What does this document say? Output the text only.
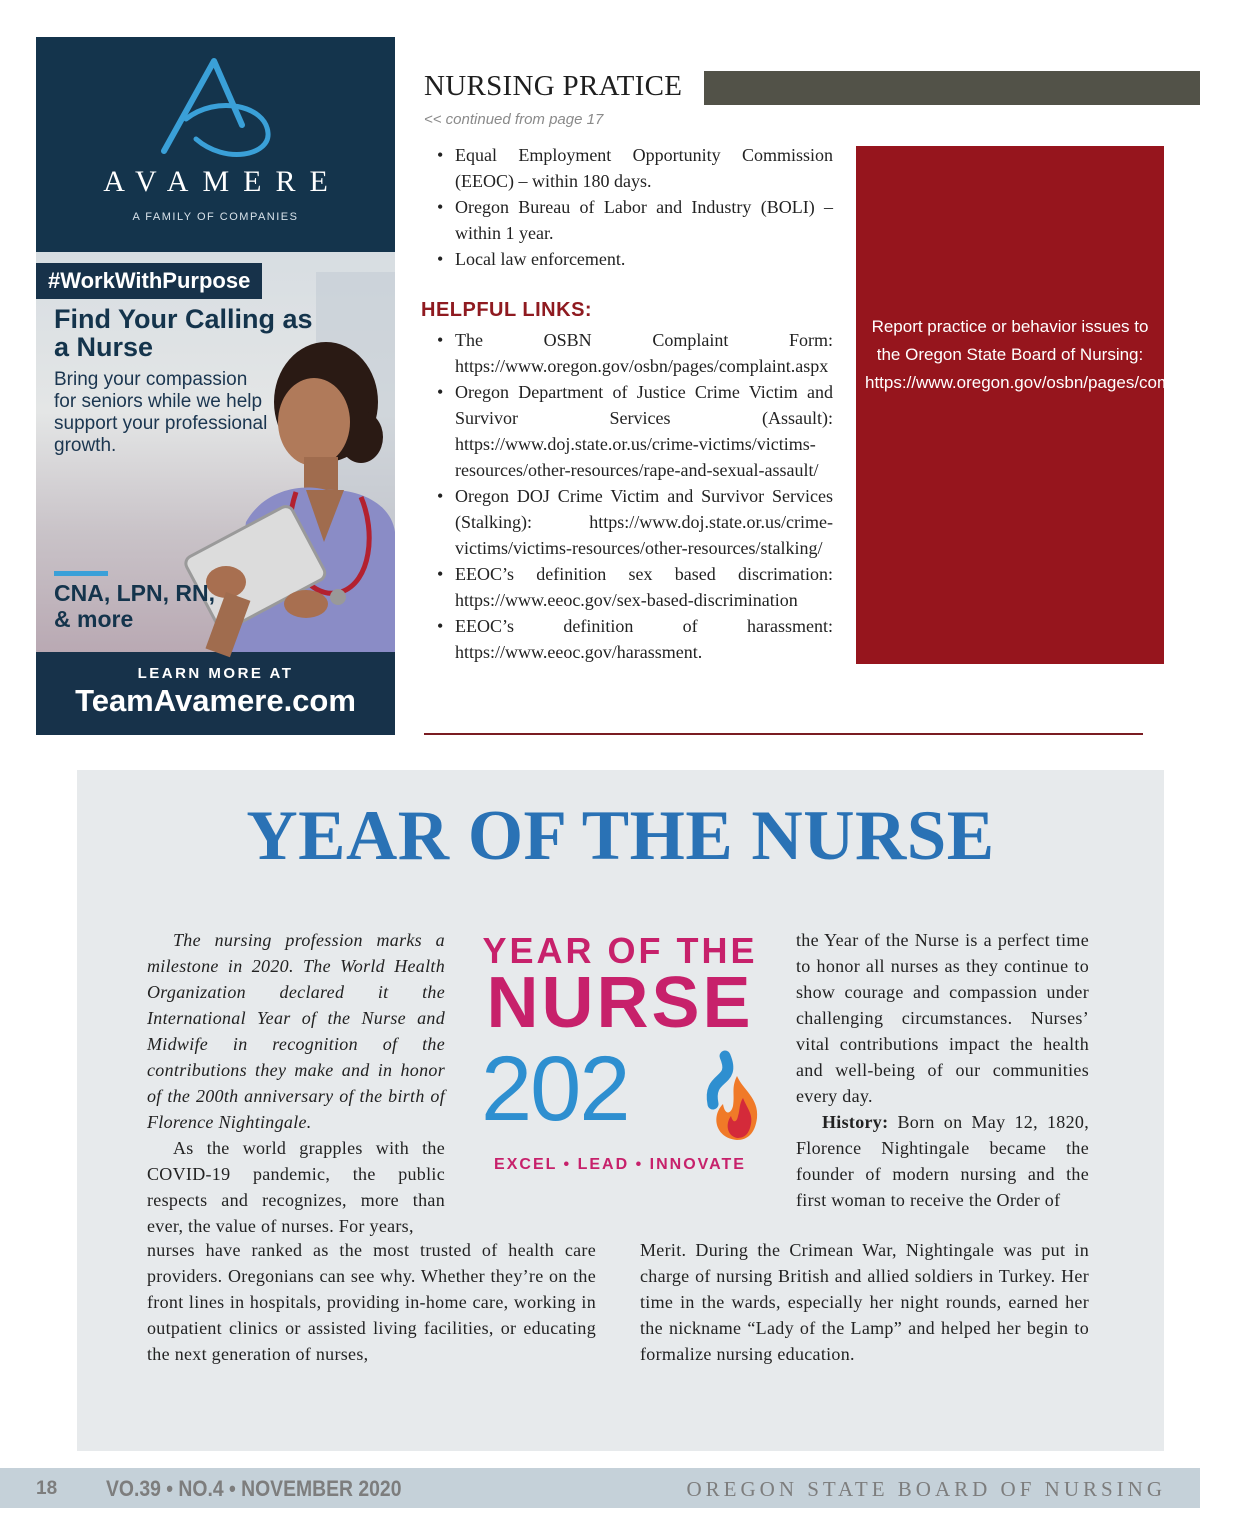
AVAMERE
A FAMILY OF COMPANIES
#WorkWithPurpose
Find Your Calling as a Nurse
Bring your compassion for seniors while we help support your professional growth.
CNA, LPN, RN, & more
LEARN MORE AT
TeamAvamere.com
NURSING PRATICE
<< continued from page 17
• Equal Employment Opportunity Commission (EEOC) – within 180 days.
• Oregon Bureau of Labor and Industry (BOLI) – within 1 year.
• Local law enforcement.
HELPFUL LINKS:
• The OSBN Complaint Form: https://www.oregon.gov/osbn/pages/complaint.aspx
• Oregon Department of Justice Crime Victim and Survivor Services (Assault): https://www.doj.state.or.us/crime-victims/victims-resources/other-resources/rape-and-sexual-assault/
• Oregon DOJ Crime Victim and Survivor Services (Stalking): https://www.doj.state.or.us/crime-victims/victims-resources/other-resources/stalking/
• EEOC’s definition sex based discrimation: https://www.eeoc.gov/sex-based-discrimination
• EEOC’s definition of harassment: https://www.eeoc.gov/harassment.
Report practice or behavior issues to the Oregon State Board of Nursing: https://www.oregon.gov/osbn/pages/complaint.aspx
YEAR OF THE NURSE

The nursing profession marks a milestone in 2020. The World Health Organization declared it the International Year of the Nurse and Midwife in recognition of the contributions they make and in honor of the 200th anniversary of the birth of Florence Nightingale.

As the world grapples with the COVID-19 pandemic, the public respects and recognizes, more than ever, the value of nurses. For years,

YEAR OF THE
NURSE
202
EXCEL • LEAD • INNOVATE

the Year of the Nurse is a perfect time to honor all nurses as they continue to show courage and compassion under challenging circumstances. Nurses’ vital contributions impact the health and well-being of our communities every day.

History: Born on May 12, 1820, Florence Nightingale became the founder of modern nursing and the first woman to receive the Order of

nurses have ranked as the most trusted of health care providers. Oregonians can see why. Whether they’re on the front lines in hospitals, providing in-home care, working in outpatient clinics or assisted living facilities, or educating the next generation of nurses,

Merit. During the Crimean War, Nightingale was put in charge of nursing British and allied soldiers in Turkey. Her time in the wards, especially her night rounds, earned her the nickname “Lady of the Lamp” and helped her begin to formalize nursing education.

18 VO.39 • NO.4 • NOVEMBER 2020	OREGON STATE BOARD OF NURSING
